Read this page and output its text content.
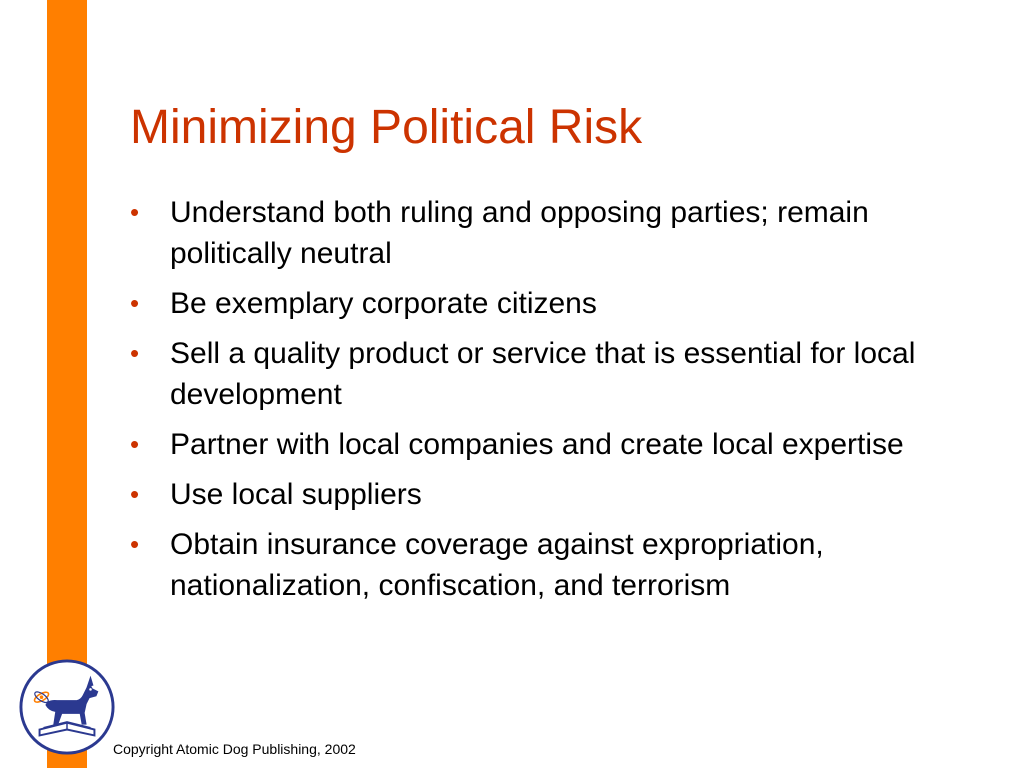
Minimizing Political Risk
• Understand both ruling and opposing parties; remain politically neutral
• Be exemplary corporate citizens
• Sell a quality product or service that is essential for local development
• Partner with local companies and create local expertise
• Use local suppliers
• Obtain insurance coverage against expropriation, nationalization, confiscation, and terrorism
Copyright Atomic Dog Publishing, 2002
